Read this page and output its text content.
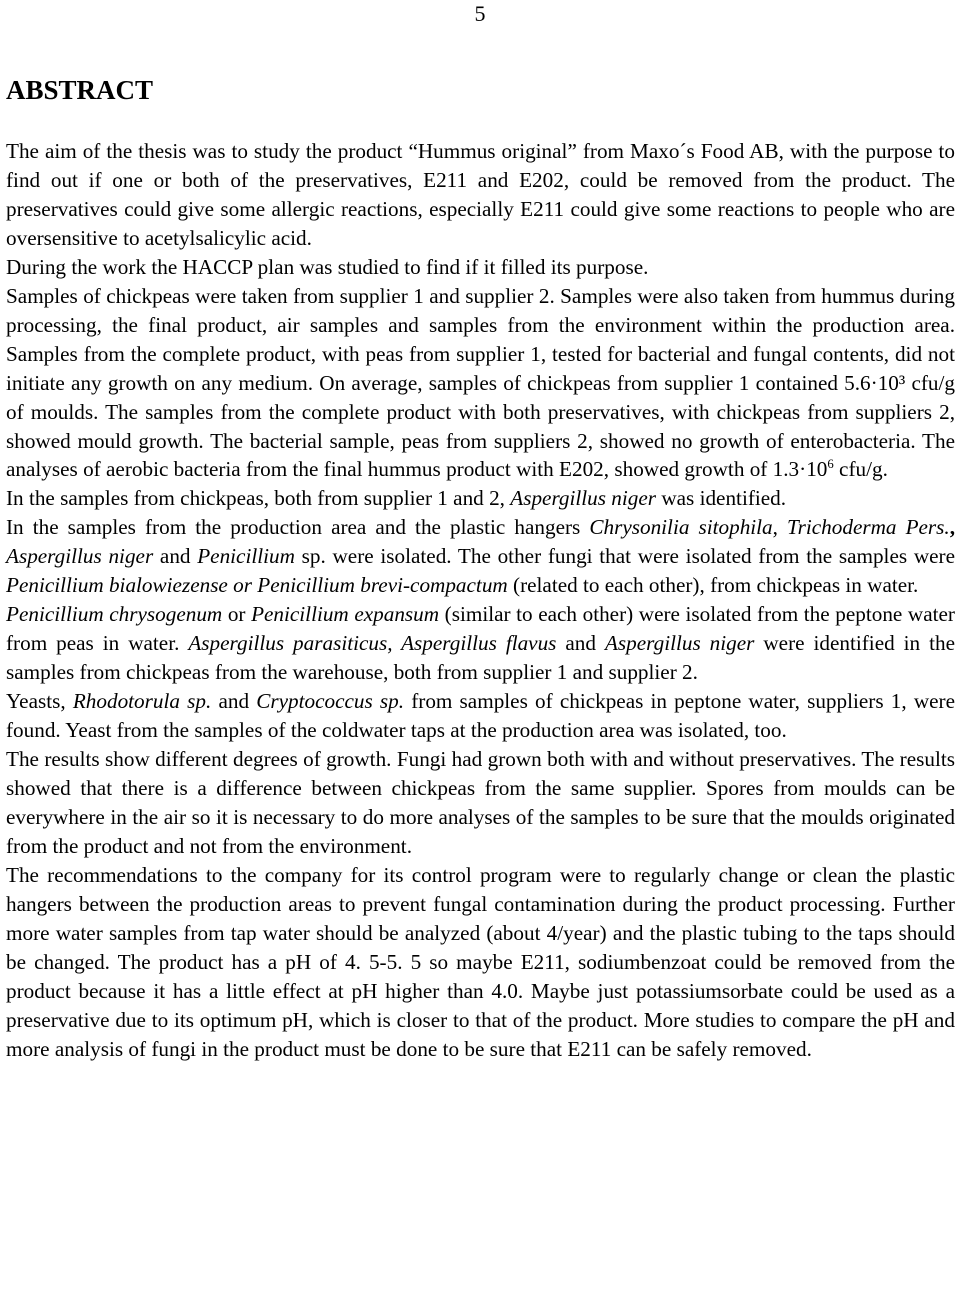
5
ABSTRACT

The aim of the thesis was to study the product “Hummus original” from Maxo´s Food AB, with the purpose to find out if one or both of the preservatives, E211 and E202, could be removed from the product. The preservatives could give some allergic reactions, especially E211 could give some reactions to people who are oversensitive to acetylsalicylic acid.

During the work the HACCP plan was studied to find if it filled its purpose.

Samples of chickpeas were taken from supplier 1 and supplier 2. Samples were also taken from hummus during processing, the final product, air samples and samples from the environment within the production area. Samples from the complete product, with peas from supplier 1, tested for bacterial and fungal contents, did not initiate any growth on any medium. On average, samples of chickpeas from supplier 1 contained 5.6·10³ cfu/g of moulds. The samples from the complete product with both preservatives, with chickpeas from suppliers 2, showed mould growth. The bacterial sample, peas from suppliers 2, showed no growth of enterobacteria. The analyses of aerobic bacteria from the final hummus product with E202, showed growth of $1.3\cdot 10^6$ cfu/g.

In the samples from chickpeas, both from supplier 1 and 2, Aspergillus niger was identified.

In the samples from the production area and the plastic hangers Chrysonilia sitophila, Trichoderma Pers., Aspergillus niger and Penicillium sp. were isolated. The other fungi that were isolated from the samples were Penicillium bialowiezense or Penicillium brevi-compactum (related to each other), from chickpeas in water.

Penicillium chrysogenum or Penicillium expansum (similar to each other) were isolated from the peptone water from peas in water. Aspergillus parasiticus, Aspergillus flavus and Aspergillus niger were identified in the samples from chickpeas from the warehouse, both from supplier 1 and supplier 2.

Yeasts, Rhodotorula sp. and Cryptococcus sp. from samples of chickpeas in peptone water, suppliers 1, were found. Yeast from the samples of the coldwater taps at the production area was isolated, too.

The results show different degrees of growth. Fungi had grown both with and without preservatives. The results showed that there is a difference between chickpeas from the same supplier. Spores from moulds can be everywhere in the air so it is necessary to do more analyses of the samples to be sure that the moulds originated from the product and not from the environment.

The recommendations to the company for its control program were to regularly change or clean the plastic hangers between the production areas to prevent fungal contamination during the product processing. Further more water samples from tap water should be analyzed (about 4/year) and the plastic tubing to the taps should be changed. The product has a pH of 4. 5-5. 5 so maybe E211, sodiumbenzoat could be removed from the product because it has a little effect at pH higher than 4.0. Maybe just potassiumsorbate could be used as a preservative due to its optimum pH, which is closer to that of the product. More studies to compare the pH and more analysis of fungi in the product must be done to be sure that E211 can be safely removed.
